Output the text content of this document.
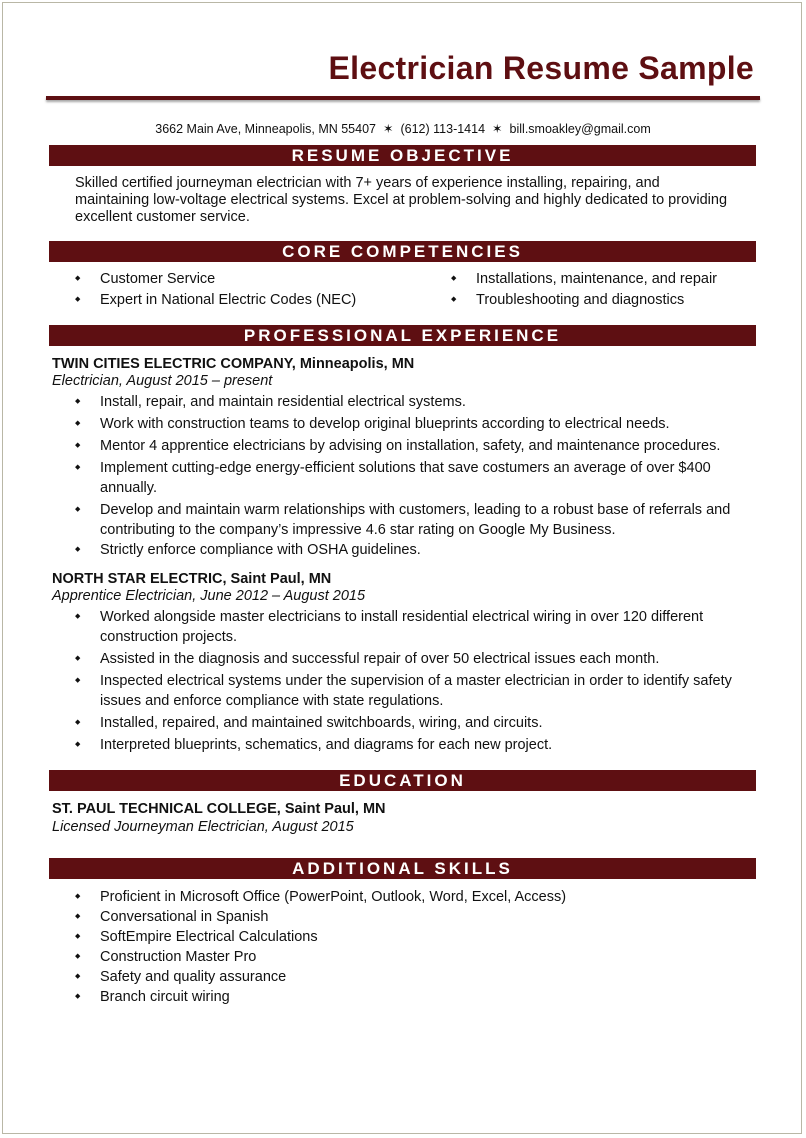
Electrician Resume Sample
3662 Main Ave, Minneapolis, MN 55407 ✶ (612) 113-1414 ✶ bill.smoakley@gmail.com
RESUME OBJECTIVE
Skilled certified journeyman electrician with 7+ years of experience installing, repairing, and maintaining low-voltage electrical systems. Excel at problem-solving and highly dedicated to providing excellent customer service.
CORE COMPETENCIES
◆ Customer Service
◆ Expert in National Electric Codes (NEC)
◆ Installations, maintenance, and repair
◆ Troubleshooting and diagnostics
PROFESSIONAL EXPERIENCE
TWIN CITIES ELECTRIC COMPANY, Minneapolis, MN
Electrician, August 2015 – present
◆ Install, repair, and maintain residential electrical systems.
◆ Work with construction teams to develop original blueprints according to electrical needs.
◆ Mentor 4 apprentice electricians by advising on installation, safety, and maintenance procedures.
◆ Implement cutting-edge energy-efficient solutions that save costumers an average of over $400 annually.
◆ Develop and maintain warm relationships with customers, leading to a robust base of referrals and contributing to the company’s impressive 4.6 star rating on Google My Business.
◆ Strictly enforce compliance with OSHA guidelines.
NORTH STAR ELECTRIC, Saint Paul, MN
Apprentice Electrician, June 2012 – August 2015
◆ Worked alongside master electricians to install residential electrical wiring in over 120 different construction projects.
◆ Assisted in the diagnosis and successful repair of over 50 electrical issues each month.
◆ Inspected electrical systems under the supervision of a master electrician in order to identify safety issues and enforce compliance with state regulations.
◆ Installed, repaired, and maintained switchboards, wiring, and circuits.
◆ Interpreted blueprints, schematics, and diagrams for each new project.
EDUCATION
ST. PAUL TECHNICAL COLLEGE, Saint Paul, MN
Licensed Journeyman Electrician, August 2015
ADDITIONAL SKILLS
◆ Proficient in Microsoft Office (PowerPoint, Outlook, Word, Excel, Access)
◆ Conversational in Spanish
◆ SoftEmpire Electrical Calculations
◆ Construction Master Pro
◆ Safety and quality assurance
◆ Branch circuit wiring
